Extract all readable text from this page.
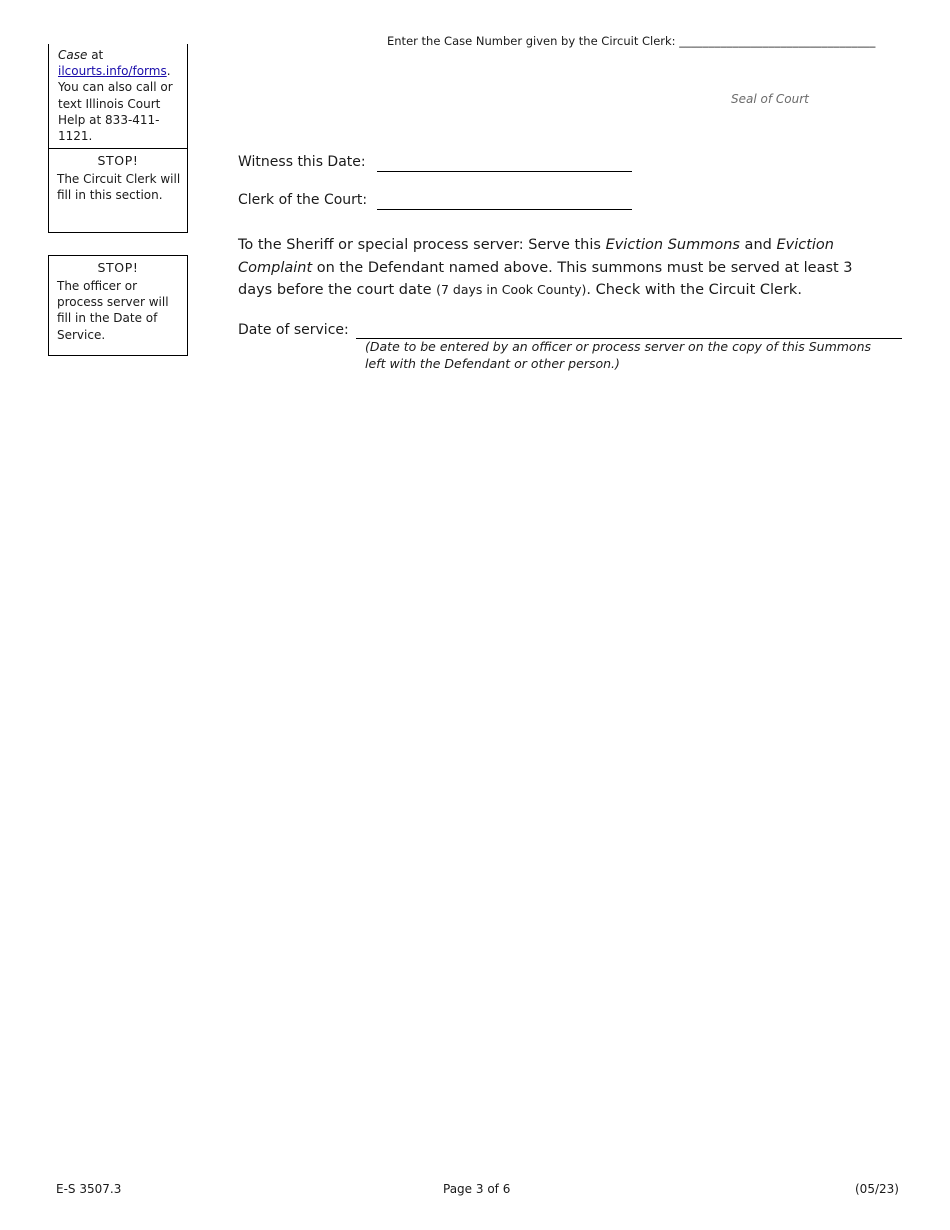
Enter the Case Number given by the Circuit Clerk: _________________________________
Case at
ilcourts.info/forms. You can also call or text Illinois Court Help at 833-411-1121.
STOP!
The Circuit Clerk will fill in this section.
STOP!
The officer or process server will fill in the Date of Service.
Seal of Court
Witness this Date:
Clerk of the Court:
To the Sheriff or special process server: Serve this Eviction Summons and Eviction Complaint on the Defendant named above. This summons must be served at least 3 days before the court date (7 days in Cook County). Check with the Circuit Clerk.
Date of service:
(Date to be entered by an officer or process server on the copy of this Summons left with the Defendant or other person.)
E-S 3507.3	Page 3 of 6	(05/23)
